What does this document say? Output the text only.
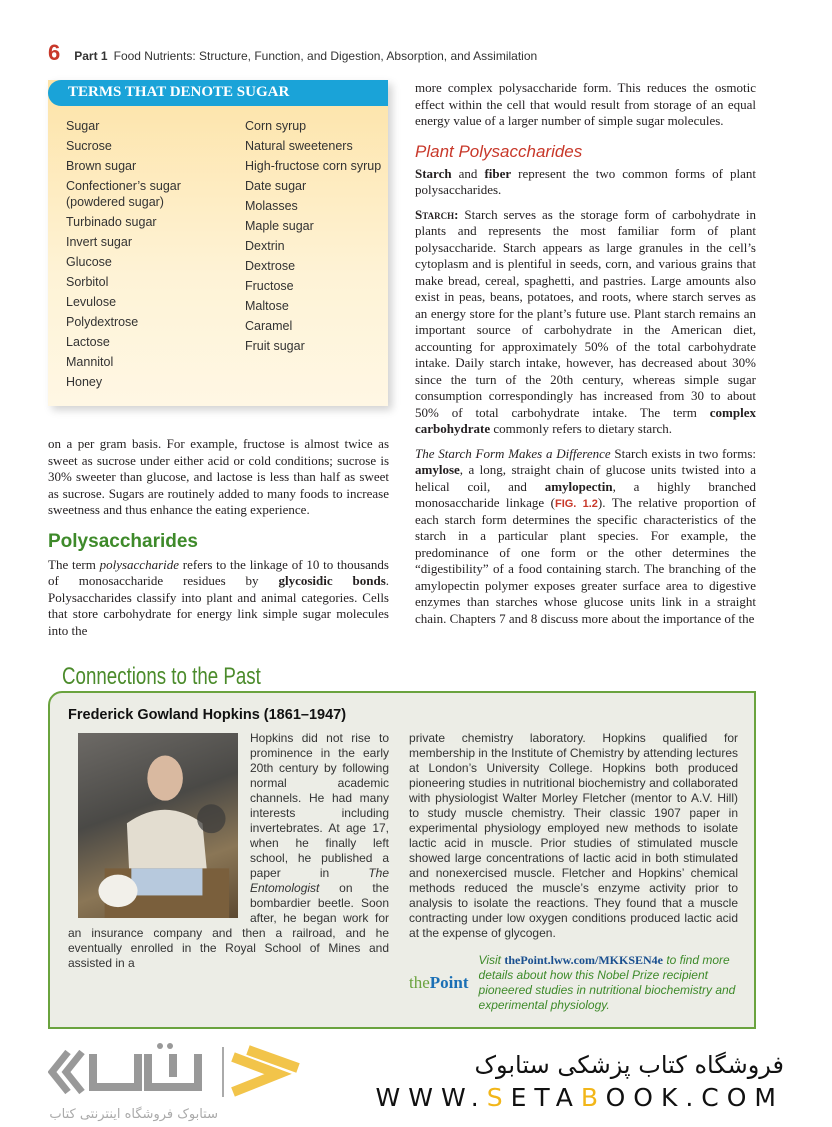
6 Part 1 Food Nutrients: Structure, Function, and Digestion, Absorption, and Assimilation
TERMS THAT DENOTE SUGAR
Sugar
Sucrose
Brown sugar
Confectioner’s sugar (powdered sugar)
Turbinado sugar
Invert sugar
Glucose
Sorbitol
Levulose
Polydextrose
Lactose
Mannitol
Honey
Corn syrup
Natural sweeteners
High-fructose corn syrup
Date sugar
Molasses
Maple sugar
Dextrin
Dextrose
Fructose
Maltose
Caramel
Fruit sugar

on a per gram basis. For example, fructose is almost twice as sweet as sucrose under either acid or cold conditions; sucrose is 30% sweeter than glucose, and lactose is less than half as sweet as sucrose. Sugars are routinely added to many foods to increase sweetness and thus enhance the eating experience.

Polysaccharides

The term polysaccharide refers to the linkage of 10 to thousands of monosaccharide residues by glycosidic bonds. Polysaccharides classify into plant and animal categories. Cells that store carbohydrate for energy link simple sugar molecules into the

more complex polysaccharide form. This reduces the osmotic effect within the cell that would result from storage of an equal energy value of a larger number of simple sugar molecules.

Plant Polysaccharides

Starch and fiber represent the two common forms of plant polysaccharides.

Starch: Starch serves as the storage form of carbohydrate in plants and represents the most familiar form of plant polysaccharide. Starch appears as large granules in the cell’s cytoplasm and is plentiful in seeds, corn, and various grains that make bread, cereal, spaghetti, and pastries. Large amounts also exist in peas, beans, potatoes, and roots, where starch serves as an energy store for the plant’s future use. Plant starch remains an important source of carbohydrate in the American diet, accounting for approximately 50% of the total carbohydrate intake. Daily starch intake, however, has decreased about 30% since the turn of the 20th century, whereas simple sugar consumption correspondingly has increased from 30 to about 50% of total carbohydrate intake. The term complex carbohydrate commonly refers to dietary starch.

The Starch Form Makes a Difference Starch exists in two forms: amylose, a long, straight chain of glucose units twisted into a helical coil, and amylopectin, a highly branched monosaccharide linkage (FIG. 1.2). The relative proportion of each starch form determines the specific characteristics of the starch in a particular plant species. For example, the predominance of one form or the other determines the “digestibility” of a food containing starch. The branching of the amylopectin polymer exposes greater surface area to digestive enzymes than starches whose glucose units link in a straight chain. Chapters 7 and 8 discuss more about the importance of the

Connections to the Past
Frederick Gowland Hopkins (1861–1947)
Hopkins did not rise to prominence in the early 20th century by following normal academic channels. He had many interests including invertebrates. At age 17, when he finally left school, he published a paper in The Entomologist on the bombardier beetle. Soon after, he began work for an insurance company and then a railroad, and he eventually enrolled in the Royal School of Mines and assisted in a
private chemistry laboratory. Hopkins qualified for membership in the Institute of Chemistry by attending lectures at London’s University College. Hopkins both produced pioneering studies in nutritional biochemistry and collaborated with physiologist Walter Morley Fletcher (mentor to A.V. Hill) to study muscle chemistry. Their classic 1907 paper in experimental physiology employed new methods to isolate lactic acid in muscle. Prior studies of stimulated muscle showed large concentrations of lactic acid in both stimulated and nonexercised muscle. Fletcher and Hopkins’ chemical methods reduced the muscle’s enzyme activity prior to analysis to isolate the reactions. They found that a muscle contracting under low oxygen conditions produced lactic acid at the expense of glycogen.
thePoint
Visit thePoint.lww.com/MKKSEN4e to find more details about how this Nobel Prize recipient pioneered studies in nutritional biochemistry and experimental physiology.
ستابوک فروشگاه اینترنتی کتاب
فروشگاه کتاب پزشکی ستابوک
WWW.SETABOOK.COM
